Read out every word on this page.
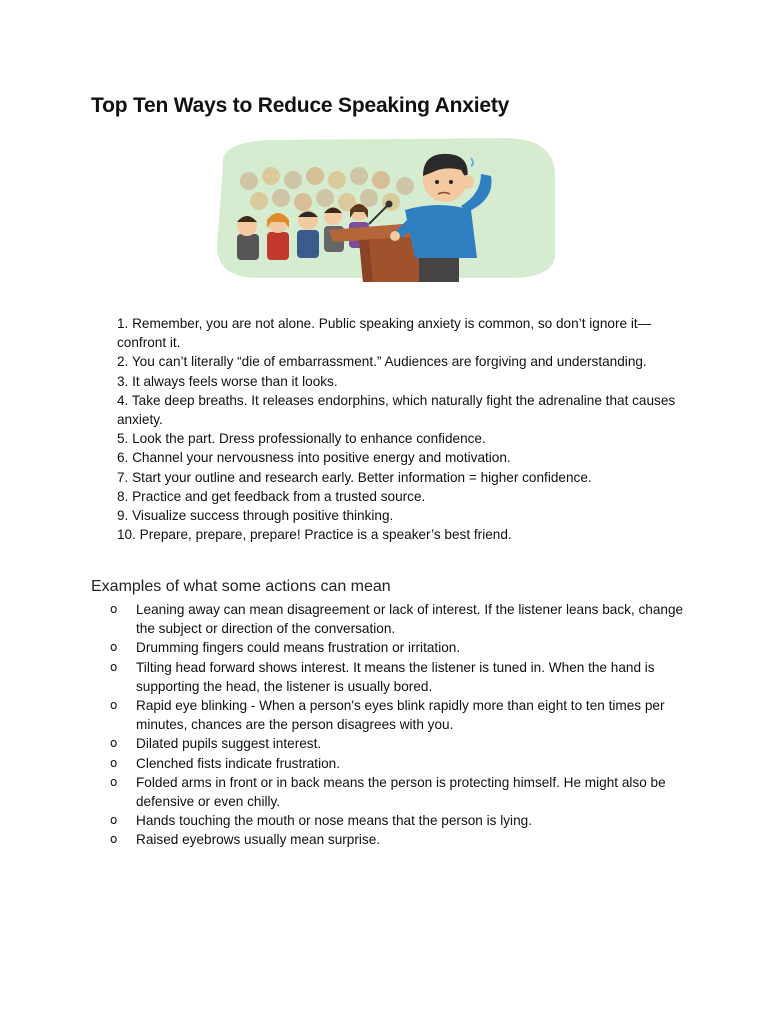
Top Ten Ways to Reduce Speaking Anxiety
1. Remember, you are not alone. Public speaking anxiety is common, so don’t ignore it—confront it.
2. You can’t literally “die of embarrassment.” Audiences are forgiving and understanding.
3. It always feels worse than it looks.
4. Take deep breaths. It releases endorphins, which naturally fight the adrenaline that causes anxiety.
5. Look the part. Dress professionally to enhance confidence.
6. Channel your nervousness into positive energy and motivation.
7. Start your outline and research early. Better information = higher confidence.
8. Practice and get feedback from a trusted source.
9. Visualize success through positive thinking.
10. Prepare, prepare, prepare! Practice is a speaker’s best friend.
Examples of what some actions can mean
o Leaning away can mean disagreement or lack of interest. If the listener leans back, change the subject or direction of the conversation.
o Drumming fingers could means frustration or irritation.
o Tilting head forward shows interest. It means the listener is tuned in. When the hand is supporting the head, the listener is usually bored.
o Rapid eye blinking - When a person's eyes blink rapidly more than eight to ten times per minutes, chances are the person disagrees with you.
o Dilated pupils suggest interest.
o Clenched fists indicate frustration.
o Folded arms in front or in back means the person is protecting himself. He might also be defensive or even chilly.
o Hands touching the mouth or nose means that the person is lying.
o Raised eyebrows usually mean surprise.
